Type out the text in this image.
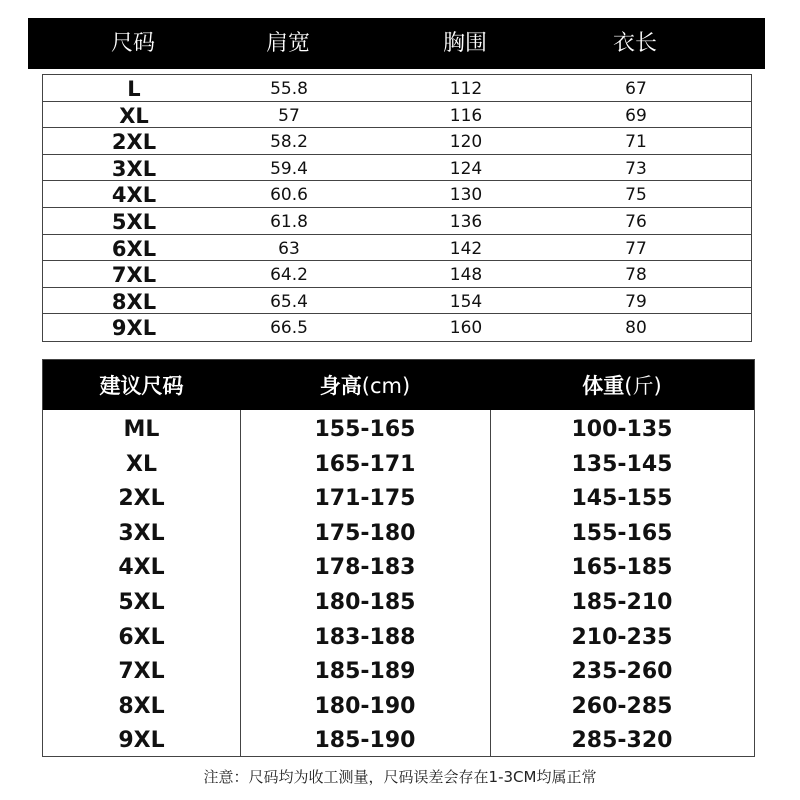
尺码	肩宽	胸围	衣长
L	55.8	112	67
XL	57	116	69
2XL	58.2	120	71
3XL	59.4	124	73
4XL	60.6	130	75
5XL	61.8	136	76
6XL	63	142	77
7XL	64.2	148	78
8XL	65.4	154	79
9XL	66.5	160	80
建议尺码	身高(cm)	体重(斤)
ML	155-165	100-135
XL	165-171	135-145
2XL	171-175	145-155
3XL	175-180	155-165
4XL	178-183	165-185
5XL	180-185	185-210
6XL	183-188	210-235
7XL	185-189	235-260
8XL	180-190	260-285
9XL	185-190	285-320
注意：尺码均为收工测量，尺码误差会存在1-3CM均属正常
